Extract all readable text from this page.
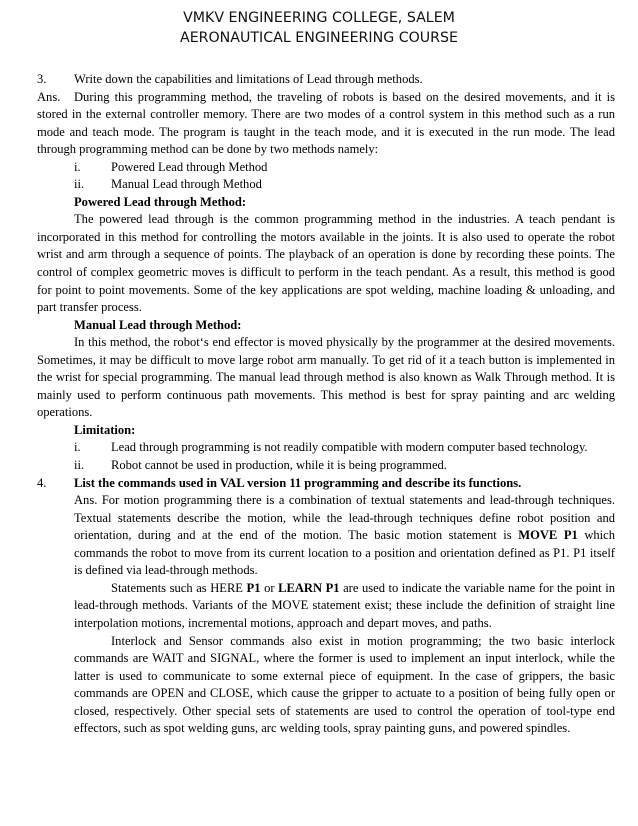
VMKV ENGINEERING COLLEGE, SALEM
AERONAUTICAL ENGINEERING COURSE
3.	Write down the capabilities and limitations of Lead through methods.
Ans. During this programming method, the traveling of robots is based on the desired movements, and it is stored in the external controller memory. There are two modes of a control system in this method such as a run mode and teach mode. The program is taught in the teach mode, and it is executed in the run mode. The lead through programming method can be done by two methods namely:
i.	Powered Lead through Method
ii.	Manual Lead through Method
Powered Lead through Method:

The powered lead through is the common programming method in the industries. A teach pendant is incorporated in this method for controlling the motors available in the joints. It is also used to operate the robot wrist and arm through a sequence of points. The playback of an operation is done by recording these points. The control of complex geometric moves is difficult to perform in the teach pendant. As a result, this method is good for point to point movements. Some of the key applications are spot welding, machine loading & unloading, and part transfer process.

Manual Lead through Method:

In this method, the robot‘s end effector is moved physically by the programmer at the desired movements. Sometimes, it may be difficult to move large robot arm manually. To get rid of it a teach button is implemented in the wrist for special programming. The manual lead through method is also known as Walk Through method. It is mainly used to perform continuous path movements. This method is best for spray painting and arc welding operations.

Limitation:
i.	Lead through programming is not readily compatible with modern computer based technology.
ii.	Robot cannot be used in production, while it is being programmed.
4.	List the commands used in VAL version 11 programming and describe its functions.

Ans. For motion programming there is a combination of textual statements and lead-through techniques. Textual statements describe the motion, while the lead-through techniques define robot position and orientation, during and at the end of the motion. The basic motion statement is MOVE P1 which commands the robot to move from its current location to a position and orientation defined as P1. P1 itself is defined via lead-through methods.

Statements such as HERE P1 or LEARN P1 are used to indicate the variable name for the point in lead-through methods. Variants of the MOVE statement exist; these include the definition of straight line interpolation motions, incremental motions, approach and depart moves, and paths.

Interlock and Sensor commands also exist in motion programming; the two basic interlock commands are WAIT and SIGNAL, where the former is used to implement an input interlock, while the latter is used to communicate to some external piece of equipment. In the case of grippers, the basic commands are OPEN and CLOSE, which cause the gripper to actuate to a position of being fully open or closed, respectively. Other special sets of statements are used to control the operation of tool-type end effectors, such as spot welding guns, arc welding tools, spray painting guns, and powered spindles.
